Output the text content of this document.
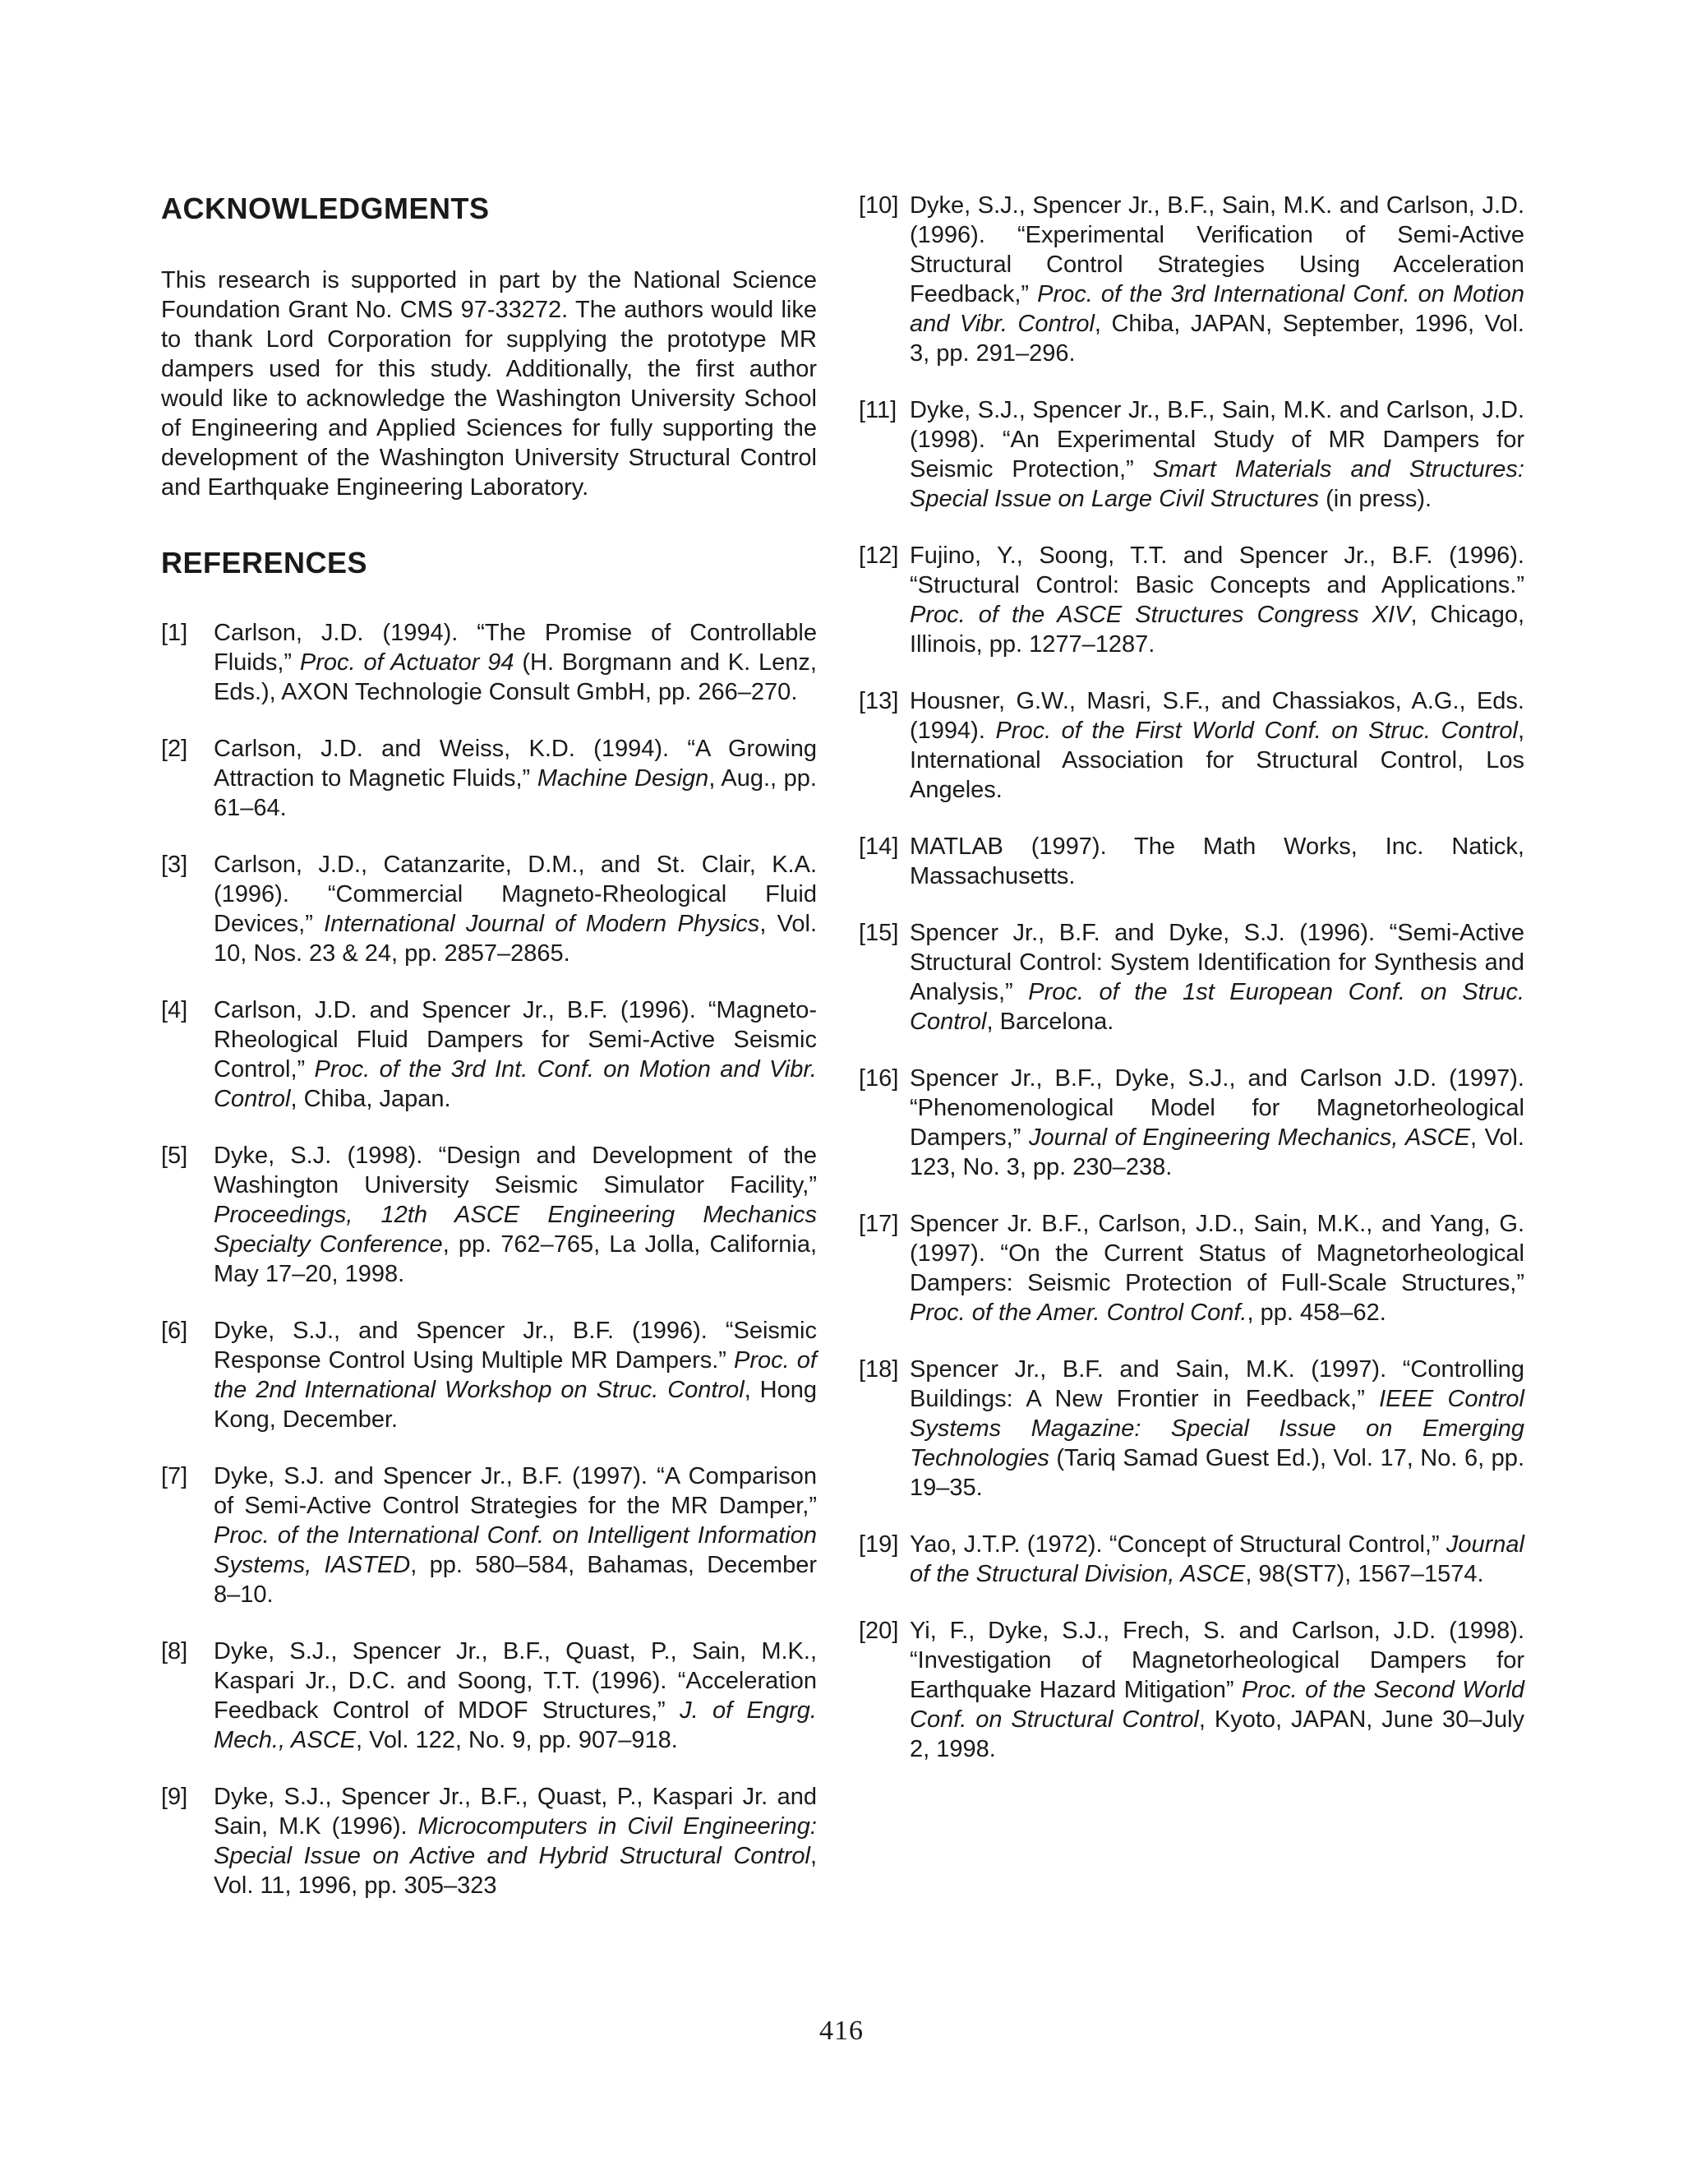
ACKNOWLEDGMENTS

This research is supported in part by the National Science Foundation Grant No. CMS 97-33272. The authors would like to thank Lord Corporation for supplying the prototype MR dampers used for this study. Additionally, the first author would like to acknowledge the Washington University School of Engineering and Applied Sciences for fully supporting the development of the Washington University Structural Control and Earthquake Engineering Laboratory.

REFERENCES
[1]	Carlson, J.D. (1994). “The Promise of Controllable Fluids,” Proc. of Actuator 94 (H. Borgmann and K. Lenz, Eds.), AXON Technologie Consult GmbH, pp. 266–270.
[2]	Carlson, J.D. and Weiss, K.D. (1994). “A Growing Attraction to Magnetic Fluids,” Machine Design, Aug., pp. 61–64.
[3]	Carlson, J.D., Catanzarite, D.M., and St. Clair, K.A. (1996). “Commercial Magneto-Rheological Fluid Devices,” International Journal of Modern Physics, Vol. 10, Nos. 23 & 24, pp. 2857–2865.
[4]	Carlson, J.D. and Spencer Jr., B.F. (1996). “Magneto-Rheological Fluid Dampers for Semi-Active Seismic Control,” Proc. of the 3rd Int. Conf. on Motion and Vibr. Control, Chiba, Japan.
[5]	Dyke, S.J. (1998). “Design and Development of the Washington University Seismic Simulator Facility,” Proceedings, 12th ASCE Engineering Mechanics Specialty Conference, pp. 762–765, La Jolla, California, May 17–20, 1998.
[6]	Dyke, S.J., and Spencer Jr., B.F. (1996). “Seismic Response Control Using Multiple MR Dampers.” Proc. of the 2nd International Workshop on Struc. Control, Hong Kong, December.
[7]	Dyke, S.J. and Spencer Jr., B.F. (1997). “A Comparison of Semi-Active Control Strategies for the MR Damper,” Proc. of the International Conf. on Intelligent Information Systems, IASTED, pp. 580–584, Bahamas, December 8–10.
[8]	Dyke, S.J., Spencer Jr., B.F., Quast, P., Sain, M.K., Kaspari Jr., D.C. and Soong, T.T. (1996). “Acceleration Feedback Control of MDOF Structures,” J. of Engrg. Mech., ASCE, Vol. 122, No. 9, pp. 907–918.
[9]	Dyke, S.J., Spencer Jr., B.F., Quast, P., Kaspari Jr. and Sain, M.K (1996). Microcomputers in Civil Engineering: Special Issue on Active and Hybrid Structural Control, Vol. 11, 1996, pp. 305–323
[10] Dyke, S.J., Spencer Jr., B.F., Sain, M.K. and Carlson, J.D. (1996). “Experimental Verification of Semi-Active Structural Control Strategies Using Acceleration Feedback,” Proc. of the 3rd International Conf. on Motion and Vibr. Control, Chiba, JAPAN, September, 1996, Vol. 3, pp. 291–296.
[11] Dyke, S.J., Spencer Jr., B.F., Sain, M.K. and Carlson, J.D. (1998). “An Experimental Study of MR Dampers for Seismic Protection,” Smart Materials and Structures: Special Issue on Large Civil Structures (in press).
[12] Fujino, Y., Soong, T.T. and Spencer Jr., B.F. (1996). “Structural Control: Basic Concepts and Applications.” Proc. of the ASCE Structures Congress XIV, Chicago, Illinois, pp. 1277–1287.
[13] Housner, G.W., Masri, S.F., and Chassiakos, A.G., Eds. (1994). Proc. of the First World Conf. on Struc. Control, International Association for Structural Control, Los Angeles.
[14] MATLAB (1997). The Math Works, Inc. Natick, Massachusetts.
[15] Spencer Jr., B.F. and Dyke, S.J. (1996). “Semi-Active Structural Control: System Identification for Synthesis and Analysis,” Proc. of the 1st European Conf. on Struc. Control, Barcelona.
[16] Spencer Jr., B.F., Dyke, S.J., and Carlson J.D. (1997). “Phenomenological Model for Magnetorheological Dampers,” Journal of Engineering Mechanics, ASCE, Vol. 123, No. 3, pp. 230–238.
[17] Spencer Jr. B.F., Carlson, J.D., Sain, M.K., and Yang, G. (1997). “On the Current Status of Magnetorheological Dampers: Seismic Protection of Full-Scale Structures,” Proc. of the Amer. Control Conf., pp. 458–62.
[18] Spencer Jr., B.F. and Sain, M.K. (1997). “Controlling Buildings: A New Frontier in Feedback,” IEEE Control Systems Magazine: Special Issue on Emerging Technologies (Tariq Samad Guest Ed.), Vol. 17, No. 6, pp. 19–35.
[19] Yao, J.T.P. (1972). “Concept of Structural Control,” Journal of the Structural Division, ASCE, 98(ST7), 1567–1574.
[20] Yi, F., Dyke, S.J., Frech, S. and Carlson, J.D. (1998). “Investigation of Magnetorheological Dampers for Earthquake Hazard Mitigation” Proc. of the Second World Conf. on Structural Control, Kyoto, JAPAN, June 30–July 2, 1998.
416
